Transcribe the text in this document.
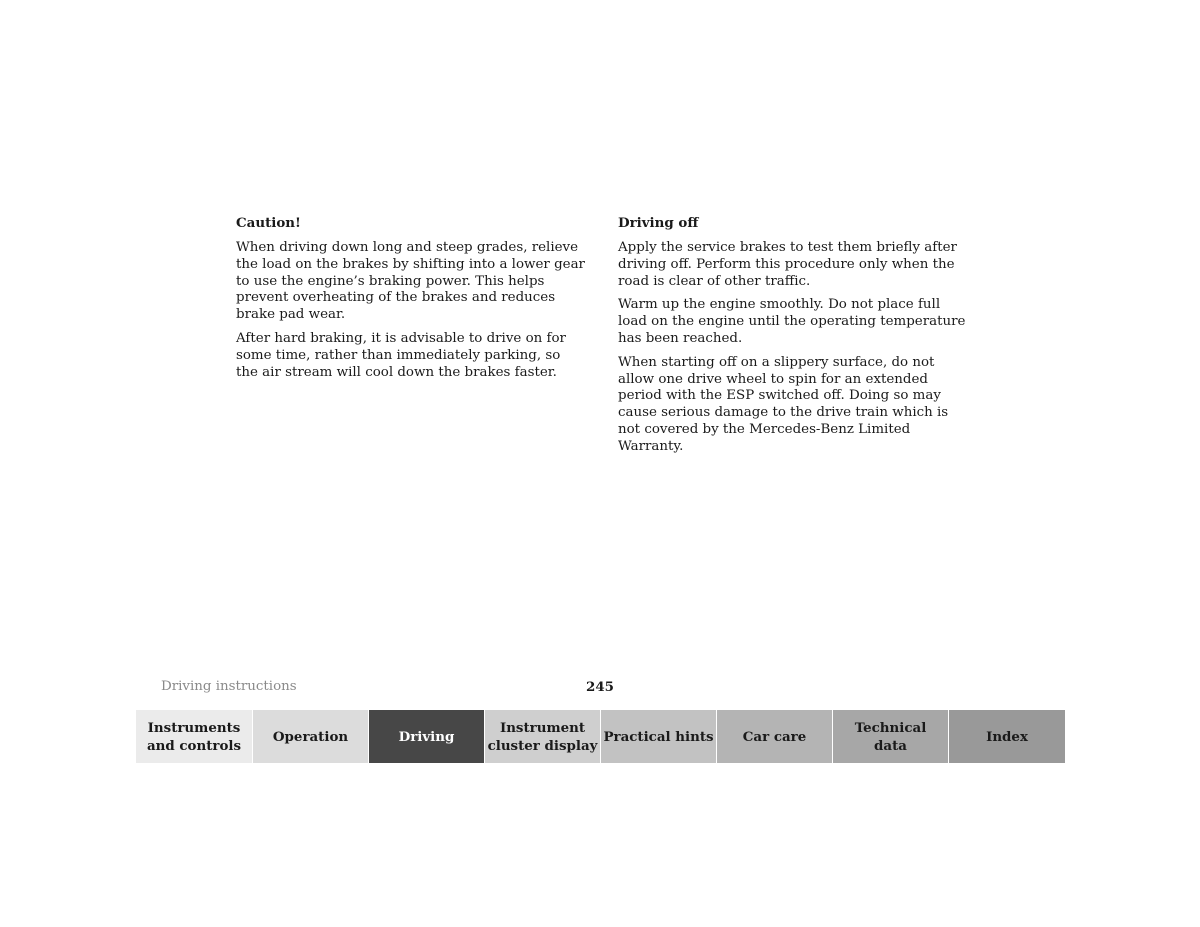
Caution!
When driving down long and steep grades, relieve the load on the brakes by shifting into a lower gear to use the engine’s braking power. This helps prevent overheating of the brakes and reduces brake pad wear.
After hard braking, it is advisable to drive on for some time, rather than immediately parking, so the air stream will cool down the brakes faster.
Driving off
Apply the service brakes to test them briefly after driving off. Perform this procedure only when the road is clear of other traffic.
Warm up the engine smoothly. Do not place full load on the engine until the operating temperature has been reached.
When starting off on a slippery surface, do not allow one drive wheel to spin for an extended period with the ESP switched off. Doing so may cause serious damage to the drive train which is not covered by the Mercedes-Benz Limited Warranty.
Driving instructions	245
Instruments
and controls
Operation	Driving
Instrument
cluster display
Practical hints	Car care
Technical
data
Index
